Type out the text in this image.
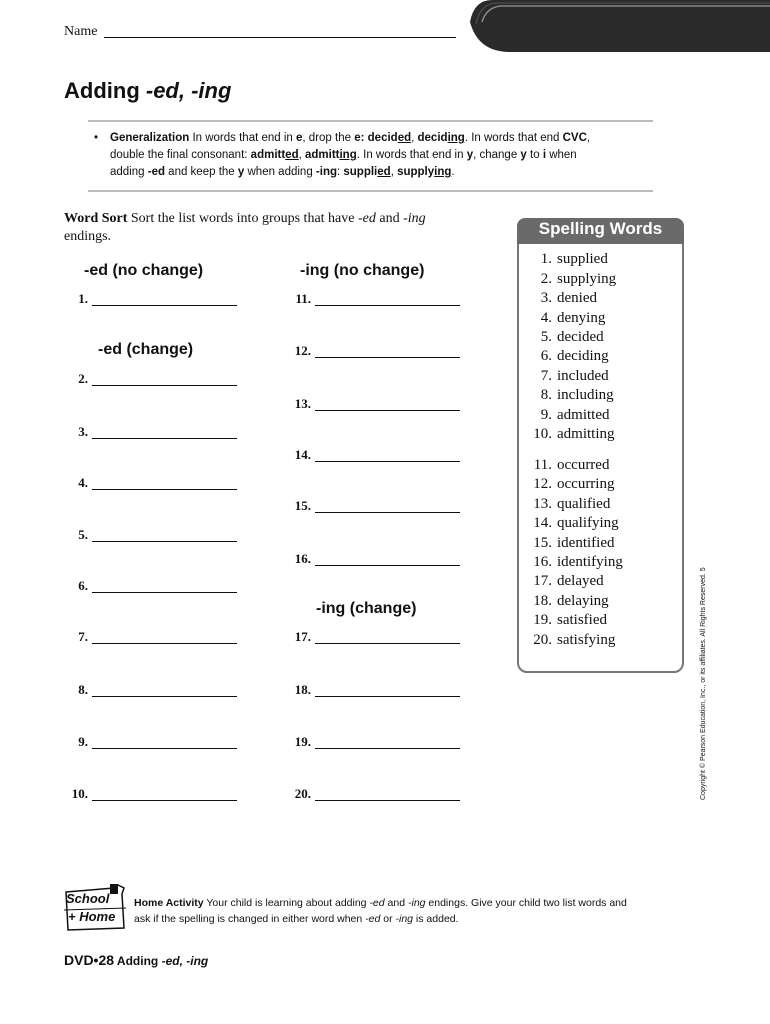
Name
Adding -ed, -ing
• Generalization In words that end in e, drop the e: decided, deciding. In words that end CVC,
double the final consonant: admitted, admitting. In words that end in y, change y to i when
adding -ed and keep the y when adding -ing: supplied, supplying.
Word Sort Sort the list words into groups that have -ed and -ing
endings.
-ed (no change)	-ing (no change)
-ed (change)
-ing (change)
1.
2.
3.
4.
5.
6.
7.
8.
9.
10.
11.
12.
13.
14.
15.
16.
17.
18.
19.
20.
Spelling Words
1. supplied
2. supplying
3. denied
4. denying
5. decided
6. deciding
7. included
8. including
9. admitted
10. admitting
11. occurred
12. occurring
13. qualified
14. qualifying
15. identified
16. identifying
17. delayed
18. delaying
19. satisfied
20. satisfying	Copyright © Pearson Education, Inc., or its affiliates. All Rights Reserved. 5
School
+ Home
Home Activity Your child is learning about adding -ed and -ing endings. Give your child two list words and
ask if the spelling is changed in either word when -ed or -ing is added.
DVD•28 Adding -ed, -ing
